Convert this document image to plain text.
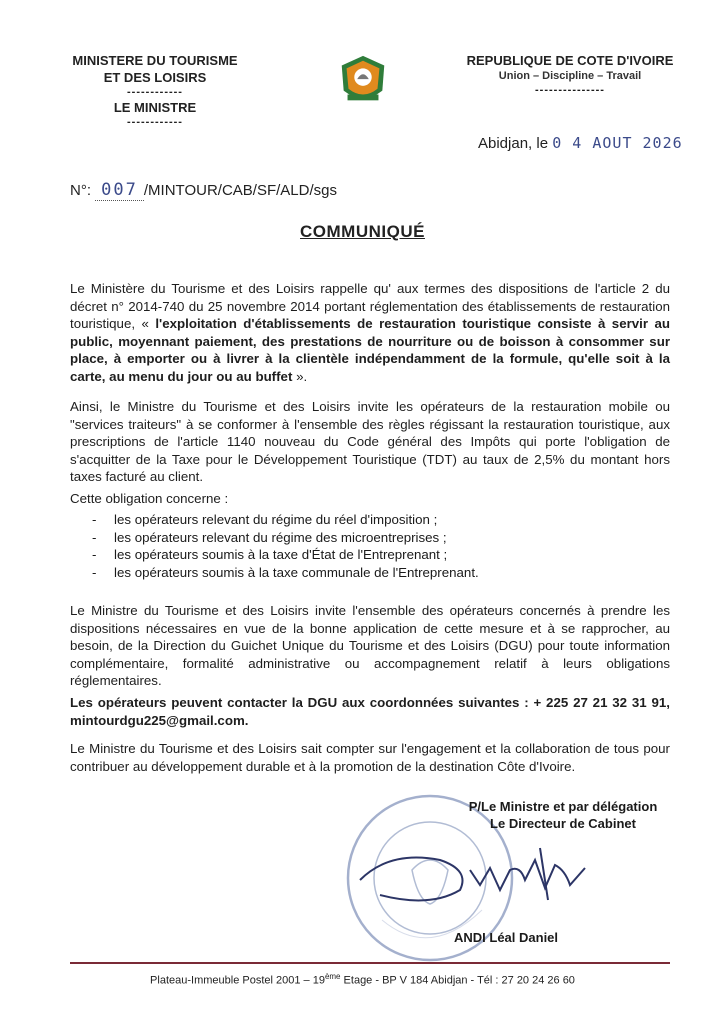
MINISTERE DU TOURISME
ET DES LOISIRS
------------
LE MINISTRE
------------
REPUBLIQUE DE COTE D'IVOIRE
Union – Discipline – Travail
---------------
Abidjan, le 0 4 AOUT 2026
N°: 007 /MINTOUR/CAB/SF/ALD/sgs
COMMUNIQUÉ
Le Ministère du Tourisme et des Loisirs rappelle qu' aux termes des dispositions de l'article 2 du décret n° 2014-740 du 25 novembre 2014 portant réglementation des établissements de restauration touristique, « l'exploitation d'établissements de restauration touristique consiste à servir au public, moyennant paiement, des prestations de nourriture ou de boisson à consommer sur place, à emporter ou à livrer à la clientèle indépendamment de la formule, qu'elle soit à la carte, au menu du jour ou au buffet ».
Ainsi, le Ministre du Tourisme et des Loisirs invite les opérateurs de la restauration mobile ou "services traiteurs" à se conformer à l'ensemble des règles régissant la restauration touristique, aux prescriptions de l'article 1140 nouveau du Code général des Impôts qui porte l'obligation de s'acquitter de la Taxe pour le Développement Touristique (TDT) au taux de 2,5% du montant hors taxes facturé au client.
Cette obligation concerne :
- les opérateurs relevant du régime du réel d'imposition ;
- les opérateurs relevant du régime des microentreprises ;
- les opérateurs soumis à la taxe d'État de l'Entreprenant ;
- les opérateurs soumis à la taxe communale de l'Entreprenant.
Le Ministre du Tourisme et des Loisirs invite l'ensemble des opérateurs concernés à prendre les dispositions nécessaires en vue de la bonne application de cette mesure et à se rapprocher, au besoin, de la Direction du Guichet Unique du Tourisme et des Loisirs (DGU) pour toute information complémentaire, formalité administrative ou accompagnement relatif à leurs obligations réglementaires.
Les opérateurs peuvent contacter la DGU aux coordonnées suivantes : + 225 27 21 32 31 91, mintourdgu225@gmail.com.
Le Ministre du Tourisme et des Loisirs sait compter sur l'engagement et la collaboration de tous pour contribuer au développement durable et à la promotion de la destination Côte d'Ivoire.
P/Le Ministre et par délégation
Le Directeur de Cabinet
ANDI Léal Daniel
Plateau-Immeuble Postel 2001 – 19ème Etage - BP V 184 Abidjan - Tél : 27 20 24 26 60
